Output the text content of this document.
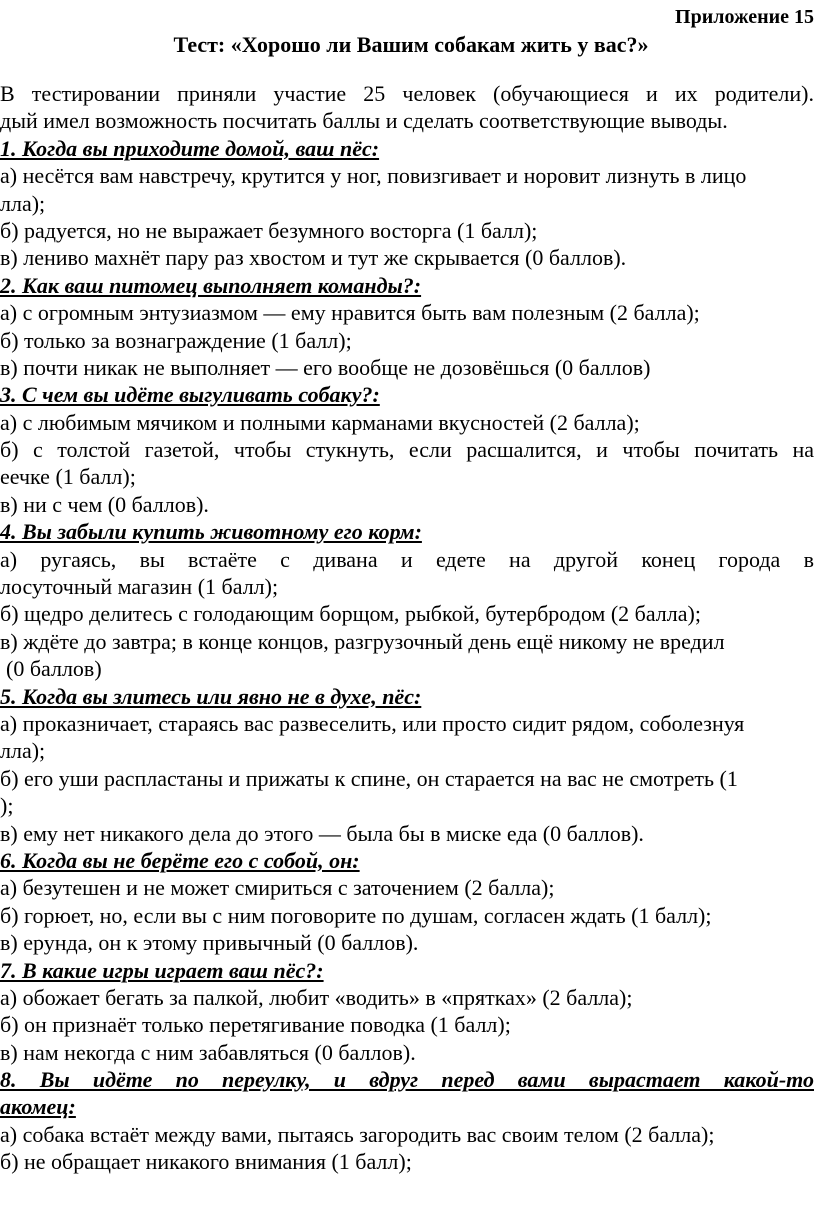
Приложение 15
Тест: «Хорошо ли Вашим собакам жить у вас?»
В тестировании приняли участие 25 человек (обучающиеся и их родители).
дый имел возможность посчитать баллы и сделать соответствующие выводы.
1. Когда вы приходите домой, ваш пёс:
а) несётся вам навстречу, крутится у ног, повизгивает и норовит лизнуть в лицо
лла);
б) радуется, но не выражает безумного восторга (1 балл);
в) лениво махнёт пару раз хвостом и тут же скрывается (0 баллов).
2. Как ваш питомец выполняет команды?:
а) с огромным энтузиазмом — ему нравится быть вам полезным (2 балла);
б) только за вознаграждение (1 балл);
в) почти никак не выполняет — его вообще не дозовёшься (0 баллов)
3. С чем вы идёте выгуливать собаку?:
а) с любимым мячиком и полными карманами вкусностей (2 балла);
б) с толстой газетой, чтобы стукнуть, если расшалится, и чтобы почитать на
еечке (1 балл);
в) ни с чем (0 баллов).
4. Вы забыли купить животному его корм:
а) ругаясь, вы встаёте с дивана и едете на другой конец города в
лосуточный магазин (1 балл);
б) щедро делитесь с голодающим борщом, рыбкой, бутербродом (2 балла);
в) ждёте до завтра; в конце концов, разгрузочный день ещё никому не вредил
(0 баллов)
5. Когда вы злитесь или явно не в духе, пёс:
а) проказничает, стараясь вас развеселить, или просто сидит рядом, соболезнуя
лла);
б) его уши распластаны и прижаты к спине, он старается на вас не смотреть (1
);
в) ему нет никакого дела до этого — была бы в миске еда (0 баллов).
6. Когда вы не берёте его с собой, он:
а) безутешен и не может смириться с заточением (2 балла);
б) горюет, но, если вы с ним поговорите по душам, согласен ждать (1 балл);
в) ерунда, он к этому привычный (0 баллов).
7. В какие игры играет ваш пёс?:
а) обожает бегать за палкой, любит «водить» в «прятках» (2 балла);
б) он признаёт только перетягивание поводка (1 балл);
в) нам некогда с ним забавляться (0 баллов).
8. Вы идёте по переулку, и вдруг перед вами вырастает какой-то
акомец:
а) собака встаёт между вами, пытаясь загородить вас своим телом (2 балла);
б) не обращает никакого внимания (1 балл);
